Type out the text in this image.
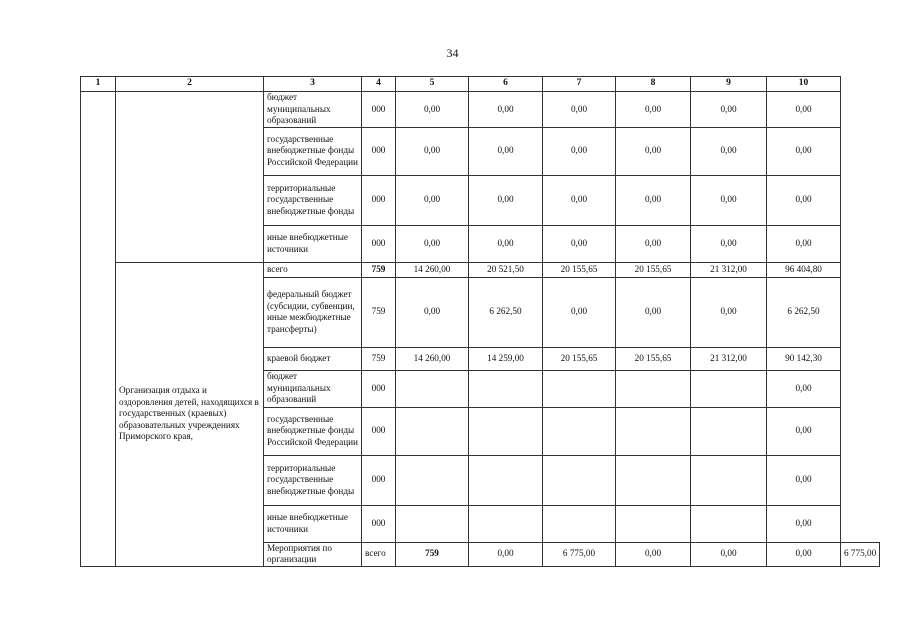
34
1	2	3	4	5	6	7	8	9	10	
		бюджет муниципальных образований	000	0,00	0,00	0,00	0,00	0,00	0,00	
		государственные внебюджетные фонды Российской Федерации	000	0,00	0,00	0,00	0,00	0,00	0,00	
		территориальные государственные внебюджетные фонды	000	0,00	0,00	0,00	0,00	0,00	0,00	
		иные внебюджетные источники	000	0,00	0,00	0,00	0,00	0,00	0,00	
	Организация отдыха и оздоровления детей, находящихся в государственных (краевых) образовательных учреждениях Приморского края,	всего	759	14 260,00	20 521,50	20 155,65	20 155,65	21 312,00	96 404,80	
		федеральный бюджет (субсидии, субвенции, иные межбюджетные трансферты)	759	0,00	6 262,50	0,00	0,00	0,00	6 262,50	
		краевой бюджет	759	14 260,00	14 259,00	20 155,65	20 155,65	21 312,00	90 142,30	
		бюджет муниципальных образований	000						0,00	
		государственные внебюджетные фонды Российской Федерации	000						0,00	
		территориальные государственные внебюджетные фонды	000						0,00	
		иные внебюджетные источники	000						0,00	
		Мероприятия по организации	всего	759	0,00	6 775,00	0,00	0,00	0,00	6 775,00
